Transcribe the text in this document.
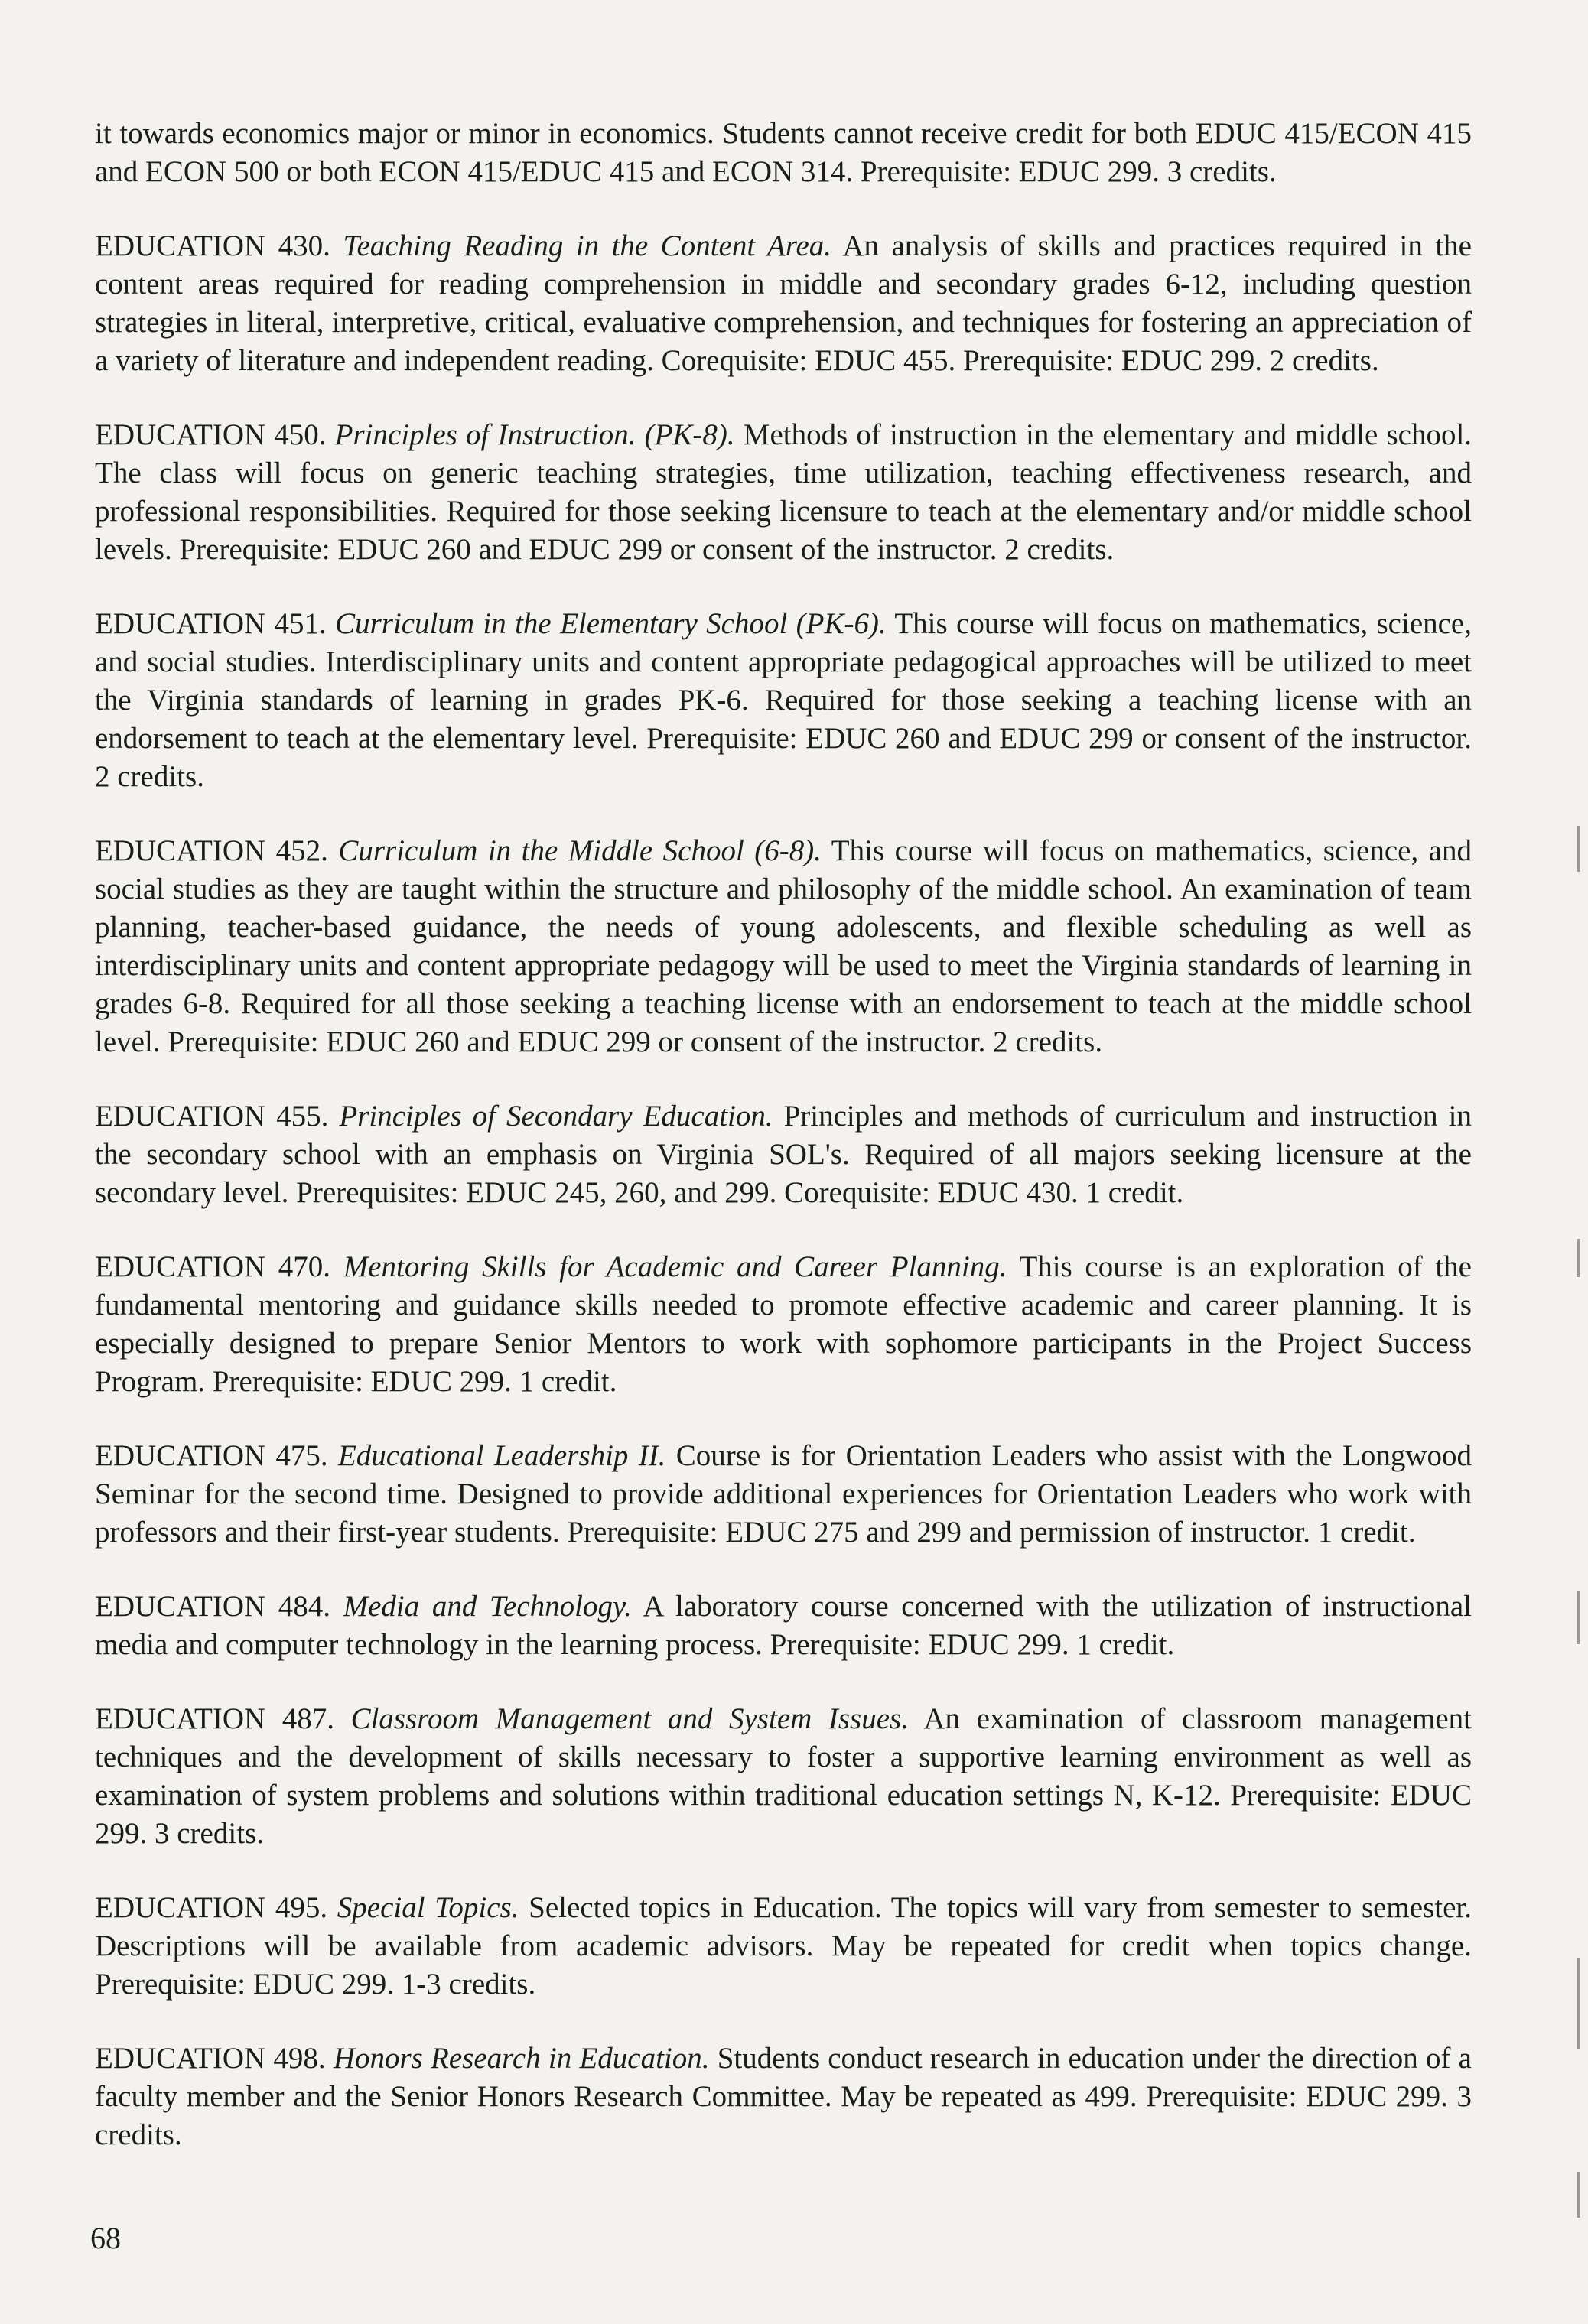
it towards economics major or minor in economics. Students cannot receive credit for both EDUC 415/ECON 415 and ECON 500 or both ECON 415/EDUC 415 and ECON 314. Prerequisite: EDUC 299. 3 credits.

EDUCATION 430. Teaching Reading in the Content Area. An analysis of skills and practices required in the content areas required for reading comprehension in middle and secondary grades 6-12, including question strategies in literal, interpretive, critical, evaluative comprehension, and techniques for fostering an appreciation of a variety of literature and independent reading. Corequisite: EDUC 455. Prerequisite: EDUC 299. 2 credits.

EDUCATION 450. Principles of Instruction. (PK-8). Methods of instruction in the elementary and middle school. The class will focus on generic teaching strategies, time utilization, teaching effectiveness research, and professional responsibilities. Required for those seeking licensure to teach at the elementary and/or middle school levels. Prerequisite: EDUC 260 and EDUC 299 or consent of the instructor. 2 credits.

EDUCATION 451. Curriculum in the Elementary School (PK-6). This course will focus on mathematics, science, and social studies. Interdisciplinary units and content appropriate pedagogical approaches will be utilized to meet the Virginia standards of learning in grades PK-6. Required for those seeking a teaching license with an endorsement to teach at the elementary level. Prerequisite: EDUC 260 and EDUC 299 or consent of the instructor. 2 credits.

EDUCATION 452. Curriculum in the Middle School (6-8). This course will focus on mathematics, science, and social studies as they are taught within the structure and philosophy of the middle school. An examination of team planning, teacher-based guidance, the needs of young adolescents, and flexible scheduling as well as interdisciplinary units and content appropriate pedagogy will be used to meet the Virginia standards of learning in grades 6-8. Required for all those seeking a teaching license with an endorsement to teach at the middle school level. Prerequisite: EDUC 260 and EDUC 299 or consent of the instructor. 2 credits.

EDUCATION 455. Principles of Secondary Education. Principles and methods of curriculum and instruction in the secondary school with an emphasis on Virginia SOL's. Required of all majors seeking licensure at the secondary level. Prerequisites: EDUC 245, 260, and 299. Corequisite: EDUC 430. 1 credit.

EDUCATION 470. Mentoring Skills for Academic and Career Planning. This course is an exploration of the fundamental mentoring and guidance skills needed to promote effective academic and career planning. It is especially designed to prepare Senior Mentors to work with sophomore participants in the Project Success Program. Prerequisite: EDUC 299. 1 credit.

EDUCATION 475. Educational Leadership II. Course is for Orientation Leaders who assist with the Longwood Seminar for the second time. Designed to provide additional experiences for Orientation Leaders who work with professors and their first-year students. Prerequisite: EDUC 275 and 299 and permission of instructor. 1 credit.

EDUCATION 484. Media and Technology. A laboratory course concerned with the utilization of instructional media and computer technology in the learning process. Prerequisite: EDUC 299. 1 credit.

EDUCATION 487. Classroom Management and System Issues. An examination of classroom management techniques and the development of skills necessary to foster a supportive learning environment as well as examination of system problems and solutions within traditional education settings N, K-12. Prerequisite: EDUC 299. 3 credits.

EDUCATION 495. Special Topics. Selected topics in Education. The topics will vary from semester to semester. Descriptions will be available from academic advisors. May be repeated for credit when topics change. Prerequisite: EDUC 299. 1-3 credits.

EDUCATION 498. Honors Research in Education. Students conduct research in education under the direction of a faculty member and the Senior Honors Research Committee. May be repeated as 499. Prerequisite: EDUC 299. 3 credits.

68
